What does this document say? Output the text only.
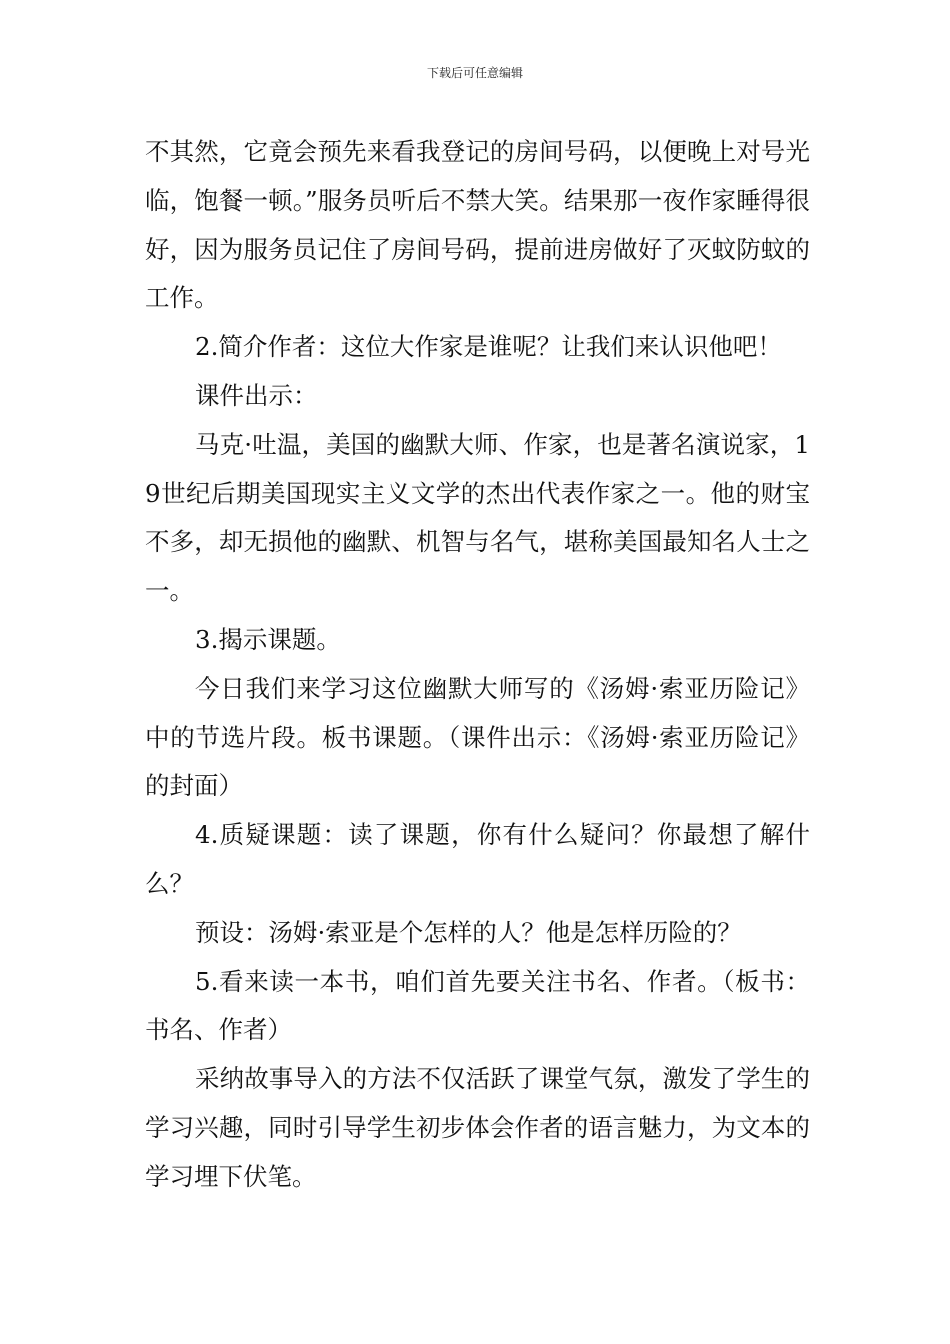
下载后可任意编辑

不其然，它竟会预先来看我登记的房间号码，以便晚上对号光临，饱餐一顿。”服务员听后不禁大笑。结果那一夜作家睡得很好，因为服务员记住了房间号码，提前进房做好了灭蚊防蚊的工作。

2.简介作者：这位大作家是谁呢？让我们来认识他吧！

课件出示：

马克·吐温，美国的幽默大师、作家，也是著名演说家，19世纪后期美国现实主义文学的杰出代表作家之一。他的财宝不多，却无损他的幽默、机智与名气，堪称美国最知名人士之一。

3.揭示课题。

今日我们来学习这位幽默大师写的《汤姆·索亚历险记》中的节选片段。板书课题。（课件出示：《汤姆·索亚历险记》的封面）

4.质疑课题：读了课题，你有什么疑问？你最想了解什么？

预设：汤姆·索亚是个怎样的人？他是怎样历险的？

5.看来读一本书，咱们首先要关注书名、作者。（板书：书名、作者）

采纳故事导入的方法不仅活跃了课堂气氛，激发了学生的学习兴趣，同时引导学生初步体会作者的语言魅力，为文本的学习埋下伏笔。
